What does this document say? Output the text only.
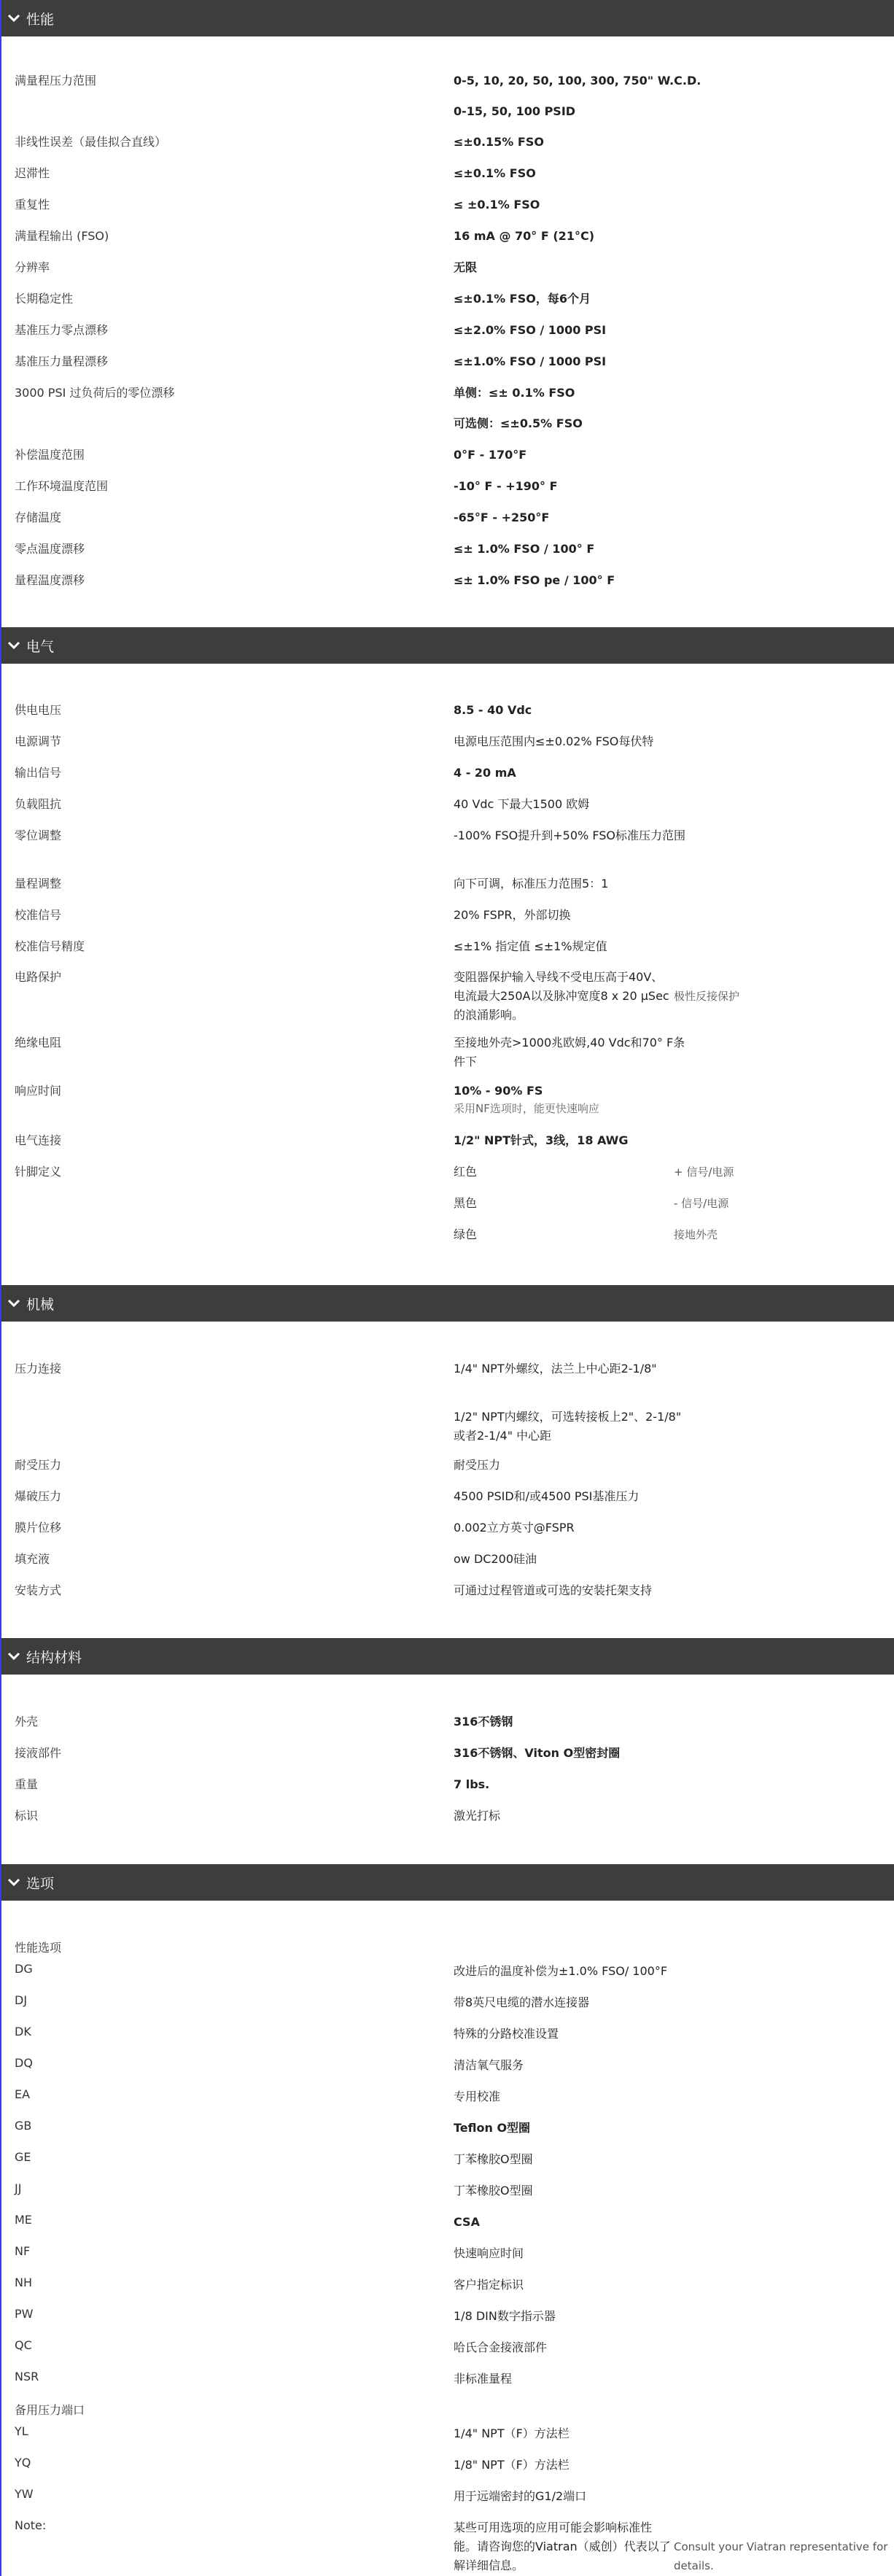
性能
满量程压力范围	0-5, 10, 20, 50, 100, 300, 750" W.C.D.
0-15, 50, 100 PSID
非线性误差（最佳拟合直线）	≤±0.15% FSO
迟滞性	≤±0.1% FSO
重复性	≤ ±0.1% FSO
满量程输出 (FSO)	16 mA @ 70° F (21°C)
分辨率	无限
长期稳定性	≤±0.1% FSO，每6个月
基准压力零点漂移	≤±2.0% FSO / 1000 PSI
基准压力量程漂移	≤±1.0% FSO / 1000 PSI
3000 PSI 过负荷后的零位漂移	单侧：≤± 0.1% FSO
可选侧：≤±0.5% FSO
补偿温度范围	0°F - 170°F
工作环境温度范围	-10° F - +190° F
存储温度	-65°F - +250°F
零点温度漂移	≤± 1.0% FSO / 100° F
量程温度漂移	≤± 1.0% FSO pe / 100° F
电气
供电电压	8.5 - 40 Vdc
电源调节	电源电压范围内≤±0.02% FSO每伏特
输出信号	4 - 20 mA
负载阻抗	40 Vdc 下最大1500 欧姆
零位调整	-100% FSO提升到+50% FSO标准压力范围
量程调整	向下可调，标准压力范围5：1
校准信号	20% FSPR，外部切换
校准信号精度	≤±1% 指定值 ≤±1%规定值
电路保护	变阻器保护输入导线不受电压高于40V、电流最大250A以及脉冲宽度8 x 20 μSec的浪涌影响。
极性反接保护
绝缘电阻	至接地外壳>1000兆欧姆,40 Vdc和70° F条件下
响应时间	10% - 90% FS
采用NF选项时，能更快速响应
电气连接	1/2" NPT针式，3线，18 AWG
针脚定义	红色	+ 信号/电源
黑色	- 信号/电源
绿色	接地外壳
机械
压力连接	1/4" NPT外螺纹，法兰上中心距2-1/8"
1/2" NPT内螺纹，可选转接板上2"、2-1/8" 或者2-1/4" 中心距
耐受压力	耐受压力
爆破压力	4500 PSID和/或4500 PSI基准压力
膜片位移	0.002立方英寸@FSPR
填充液	ow DC200硅油
安装方式	可通过过程管道或可选的安装托架支持
结构材料
外壳	316不锈钢
接液部件	316不锈钢、Viton O型密封圈
重量	7 lbs.
标识	激光打标
选项
性能选项
DG	改进后的温度补偿为±1.0% FSO/ 100°F
DJ	带8英尺电缆的潜水连接器
DK	特殊的分路校准设置
DQ	清洁氧气服务
EA	专用校准
GB	Teflon O型圈
GE	丁苯橡胶O型圈
JJ	丁苯橡胶O型圈
ME	CSA
NF	快速响应时间
NH	客户指定标识
PW	1/8 DIN数字指示器
QC	哈氏合金接液部件
NSR	非标准量程
备用压力端口
YL	1/4" NPT（F）方法栏
YQ	1/8" NPT（F）方法栏
YW	用于远端密封的G1/2端口
Note:	某些可用选项的应用可能会影响标准性能。请咨询您的Viatran（威创）代表以了解详细信息。
Consult your Viatran representative for details.
